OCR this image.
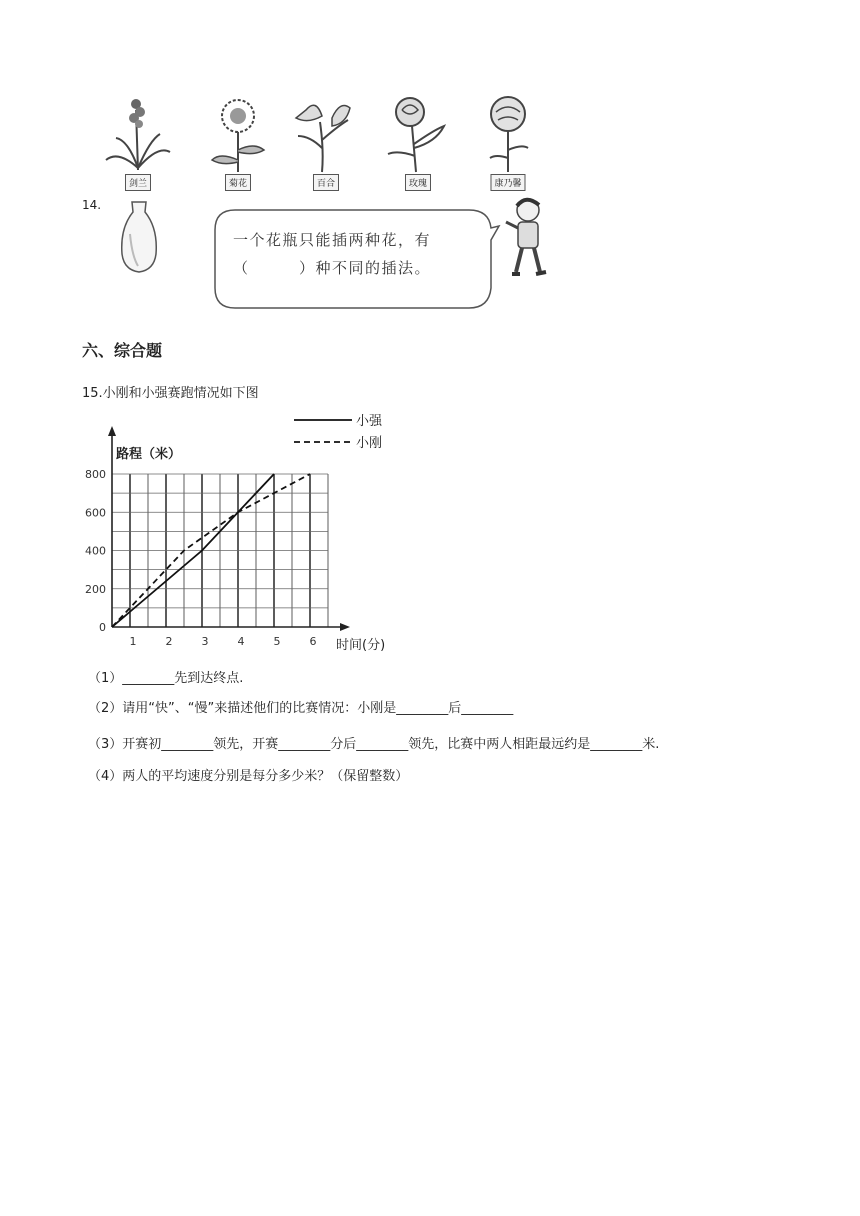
剑兰	菊花	百合	玫瑰	康乃馨
14.
一个花瓶只能插两种花，有
（　　　）种不同的插法。
六、综合题
15.小刚和小强赛跑情况如下图
0
200
400
600
800
1	2	3	4	5	6
小强
小刚
路程（米）
时间(分)
（1）________先到达终点.
（2）请用“快”、“慢”来描述他们的比赛情况：小刚是________后________
（3）开赛初________领先，开赛________分后________领先，比赛中两人相距最远约是________米.
（4）两人的平均速度分别是每分多少米？（保留整数）
